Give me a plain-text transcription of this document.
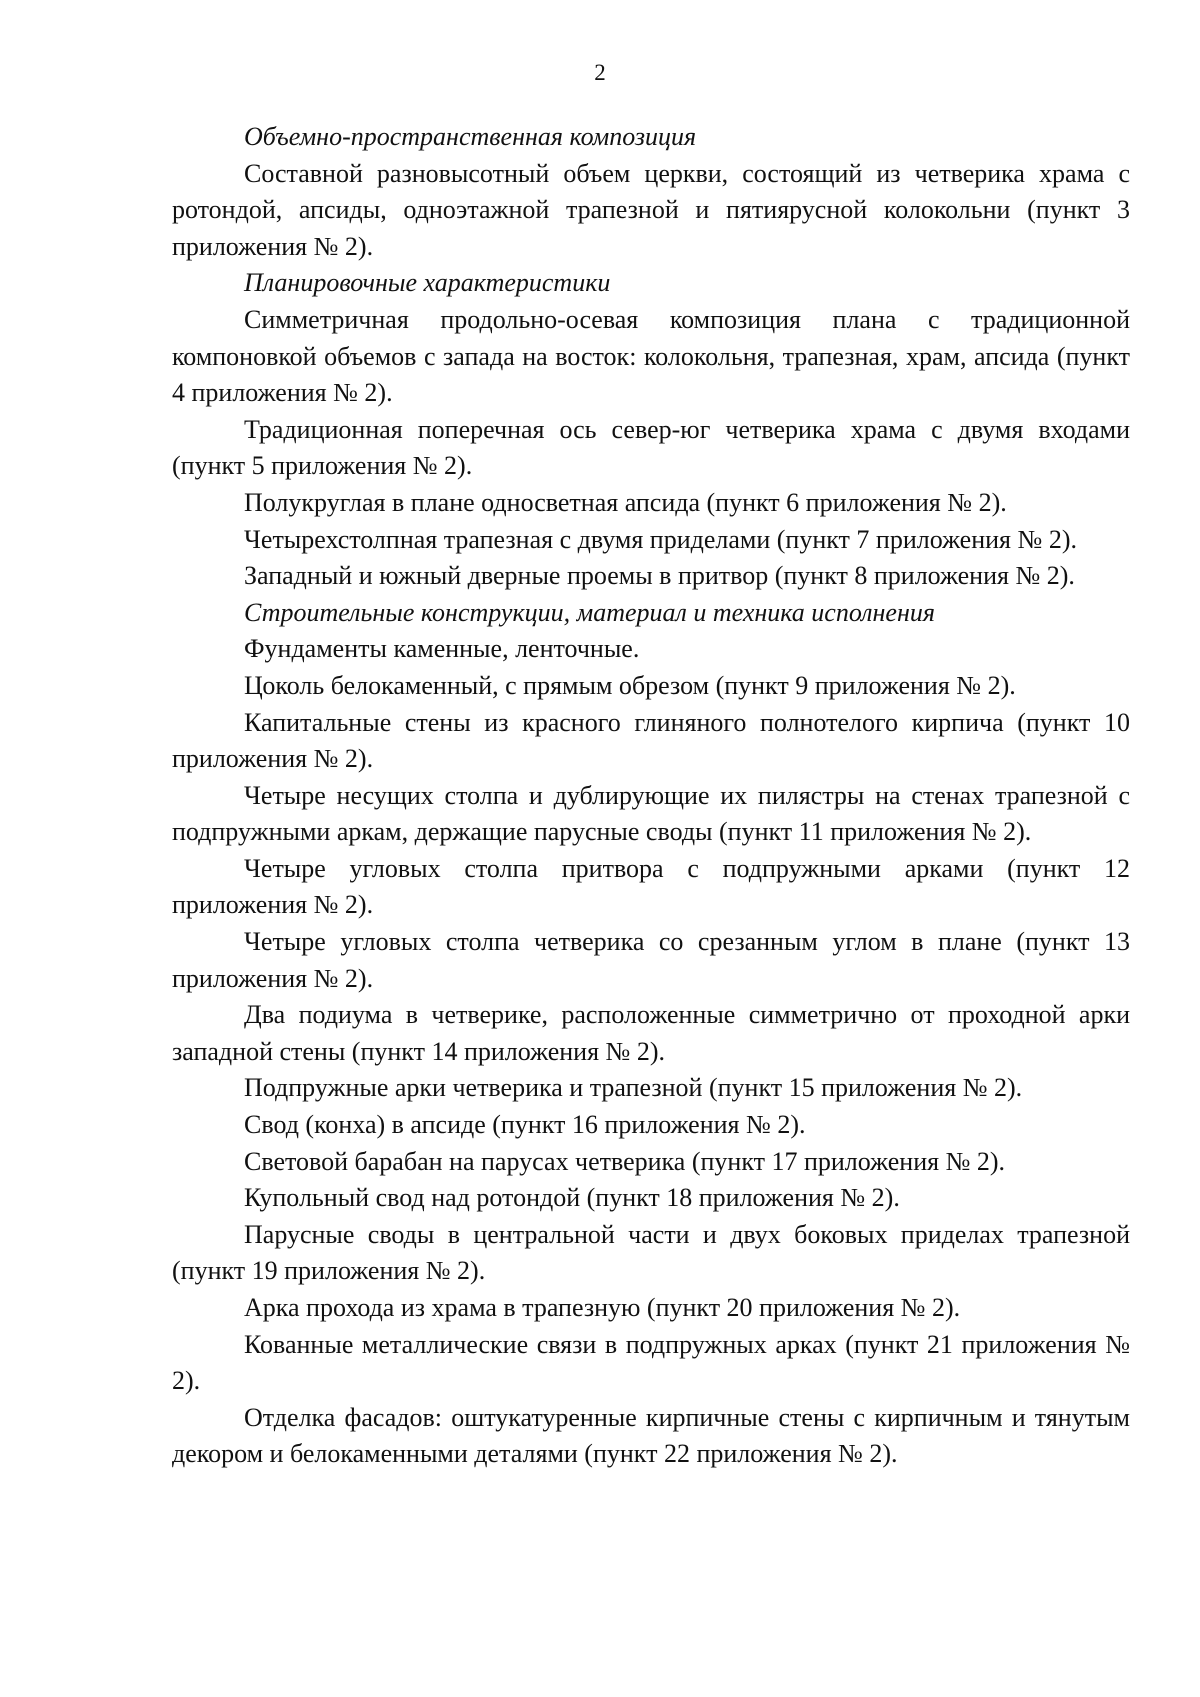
2

Объемно-пространственная композиция

Составной разновысотный объем церкви, состоящий из четверика храма с ротондой, апсиды, одноэтажной трапезной и пятиярусной колокольни (пункт 3 приложения № 2).

Планировочные характеристики

Симметричная продольно-осевая композиция плана с традиционной компоновкой объемов с запада на восток: колокольня, трапезная, храм, апсида (пункт 4 приложения № 2).

Традиционная поперечная ось север-юг четверика храма с двумя входами (пункт 5 приложения № 2).

Полукруглая в плане односветная апсида (пункт 6 приложения № 2).

Четырехстолпная трапезная с двумя приделами (пункт 7 приложения № 2).

Западный и южный дверные проемы в притвор (пункт 8 приложения № 2).

Строительные конструкции, материал и техника исполнения

Фундаменты каменные, ленточные.

Цоколь белокаменный, с прямым обрезом (пункт 9 приложения № 2).

Капитальные стены из красного глиняного полнотелого кирпича (пункт 10 приложения № 2).

Четыре несущих столпа и дублирующие их пилястры на стенах трапезной с подпружными аркам, держащие парусные своды (пункт 11 приложения № 2).

Четыре угловых столпа притвора с подпружными арками (пункт 12 приложения № 2).

Четыре угловых столпа четверика со срезанным углом в плане (пункт 13 приложения № 2).

Два подиума в четверике, расположенные симметрично от проходной арки западной стены (пункт 14 приложения № 2).

Подпружные арки четверика и трапезной (пункт 15 приложения № 2).

Свод (конха) в апсиде (пункт 16 приложения № 2).

Световой барабан на парусах четверика (пункт 17 приложения № 2).

Купольный свод над ротондой (пункт 18 приложения № 2).

Парусные своды в центральной части и двух боковых приделах трапезной (пункт 19 приложения № 2).

Арка прохода из храма в трапезную (пункт 20 приложения № 2).

Кованные металлические связи в подпружных арках (пункт 21 приложения № 2).

Отделка фасадов: оштукатуренные кирпичные стены с кирпичным и тянутым декором и белокаменными деталями (пункт 22 приложения № 2).
